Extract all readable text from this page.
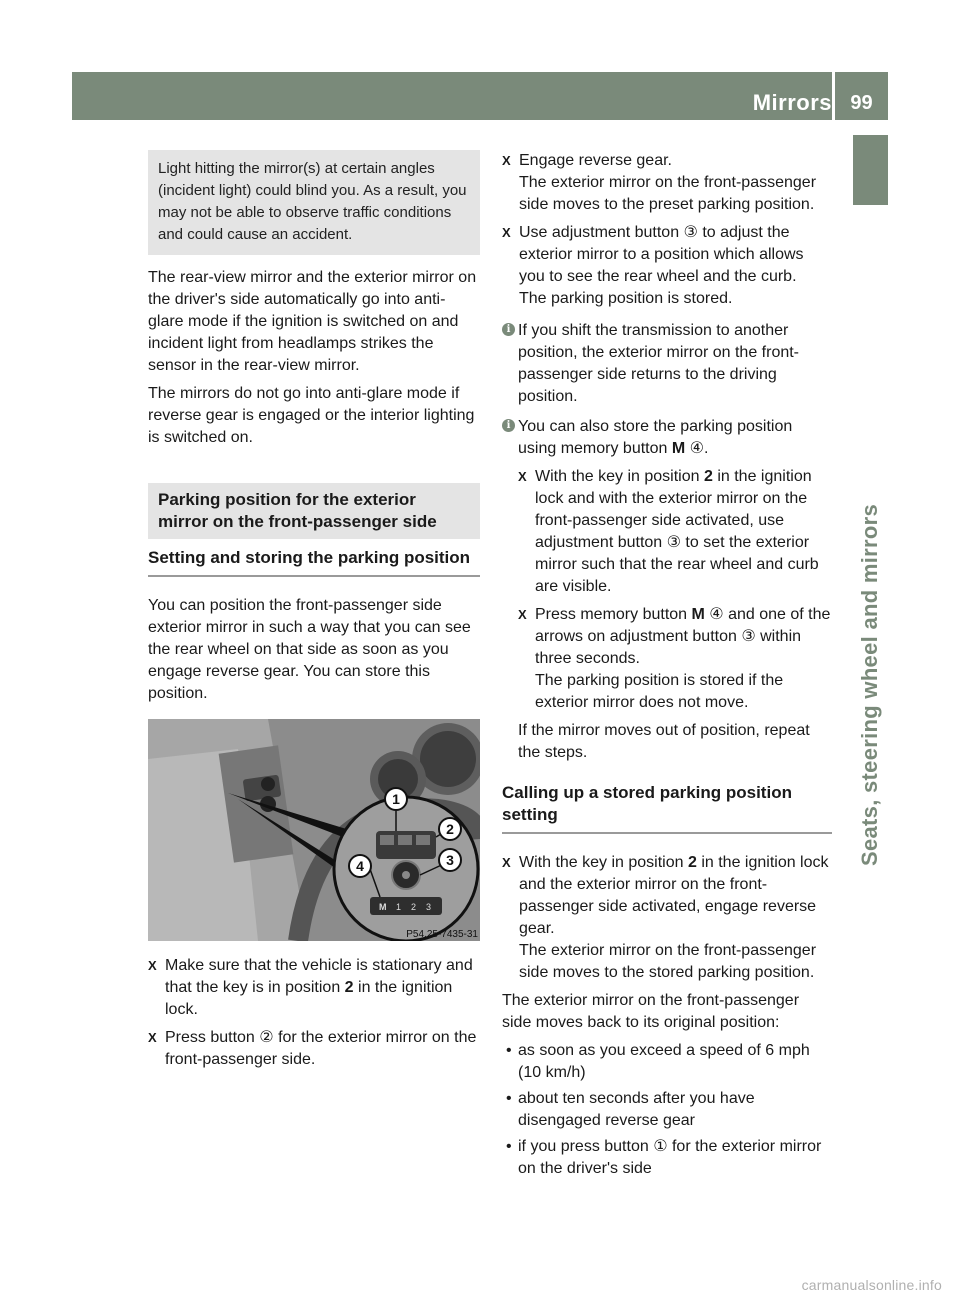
Mirrors 99
Seats, steering wheel and mirrors
Light hitting the mirror(s) at certain angles (incident light) could blind you. As a result, you may not be able to observe traffic conditions and could cause an accident.

The rear-view mirror and the exterior mirror on the driver's side automatically go into anti-glare mode if the ignition is switched on and incident light from headlamps strikes the sensor in the rear-view mirror.

The mirrors do not go into anti-glare mode if reverse gear is engaged or the interior lighting is switched on.

Parking position for the exterior mirror on the front-passenger side
Setting and storing the parking position

You can position the front-passenger side exterior mirror in such a way that you can see the rear wheel on that side as soon as you engage reverse gear. You can store this position.

1
2
3
4
M 1 2 3
P54.25-7435-31
X Make sure that the vehicle is stationary and that the key is in position 2 in the ignition lock.
X Press button ② for the exterior mirror on the front-passenger side.
X Engage reverse gear.
The exterior mirror on the front-passenger side moves to the preset parking position.
X Use adjustment button ③ to adjust the exterior mirror to a position which allows you to see the rear wheel and the curb.
The parking position is stored.
i If you shift the transmission to another position, the exterior mirror on the front-passenger side returns to the driving position.
i You can also store the parking position using memory button M ④.
X With the key in position 2 in the ignition lock and with the exterior mirror on the front-passenger side activated, use adjustment button ③ to set the exterior mirror such that the rear wheel and curb are visible.
X Press memory button M ④ and one of the arrows on adjustment button ③ within three seconds.
The parking position is stored if the exterior mirror does not move.

If the mirror moves out of position, repeat the steps.

Calling up a stored parking position setting
X With the key in position 2 in the ignition lock and the exterior mirror on the front-passenger side activated, engage reverse gear.
The exterior mirror on the front-passenger side moves to the stored parking position.

The exterior mirror on the front-passenger side moves back to its original position:

• as soon as you exceed a speed of 6 mph (10 km/h)
• about ten seconds after you have disengaged reverse gear
• if you press button ① for the exterior mirror on the driver's side
carmanualsonline.info
